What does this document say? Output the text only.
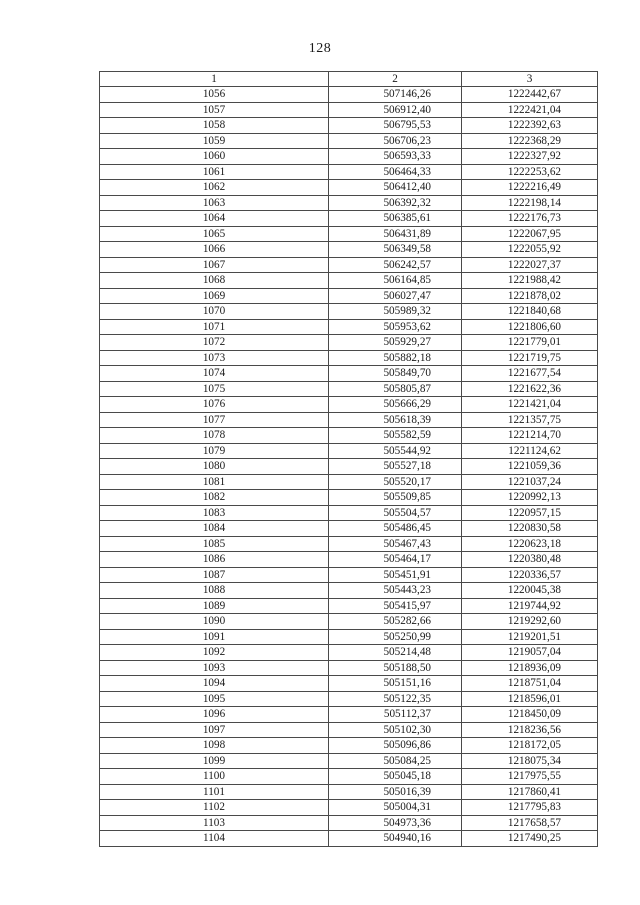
128
1	2	3
1056	507146,26	1222442,67
1057	506912,40	1222421,04
1058	506795,53	1222392,63
1059	506706,23	1222368,29
1060	506593,33	1222327,92
1061	506464,33	1222253,62
1062	506412,40	1222216,49
1063	506392,32	1222198,14
1064	506385,61	1222176,73
1065	506431,89	1222067,95
1066	506349,58	1222055,92
1067	506242,57	1222027,37
1068	506164,85	1221988,42
1069	506027,47	1221878,02
1070	505989,32	1221840,68
1071	505953,62	1221806,60
1072	505929,27	1221779,01
1073	505882,18	1221719,75
1074	505849,70	1221677,54
1075	505805,87	1221622,36
1076	505666,29	1221421,04
1077	505618,39	1221357,75
1078	505582,59	1221214,70
1079	505544,92	1221124,62
1080	505527,18	1221059,36
1081	505520,17	1221037,24
1082	505509,85	1220992,13
1083	505504,57	1220957,15
1084	505486,45	1220830,58
1085	505467,43	1220623,18
1086	505464,17	1220380,48
1087	505451,91	1220336,57
1088	505443,23	1220045,38
1089	505415,97	1219744,92
1090	505282,66	1219292,60
1091	505250,99	1219201,51
1092	505214,48	1219057,04
1093	505188,50	1218936,09
1094	505151,16	1218751,04
1095	505122,35	1218596,01
1096	505112,37	1218450,09
1097	505102,30	1218236,56
1098	505096,86	1218172,05
1099	505084,25	1218075,34
1100	505045,18	1217975,55
1101	505016,39	1217860,41
1102	505004,31	1217795,83
1103	504973,36	1217658,57
1104	504940,16	1217490,25
